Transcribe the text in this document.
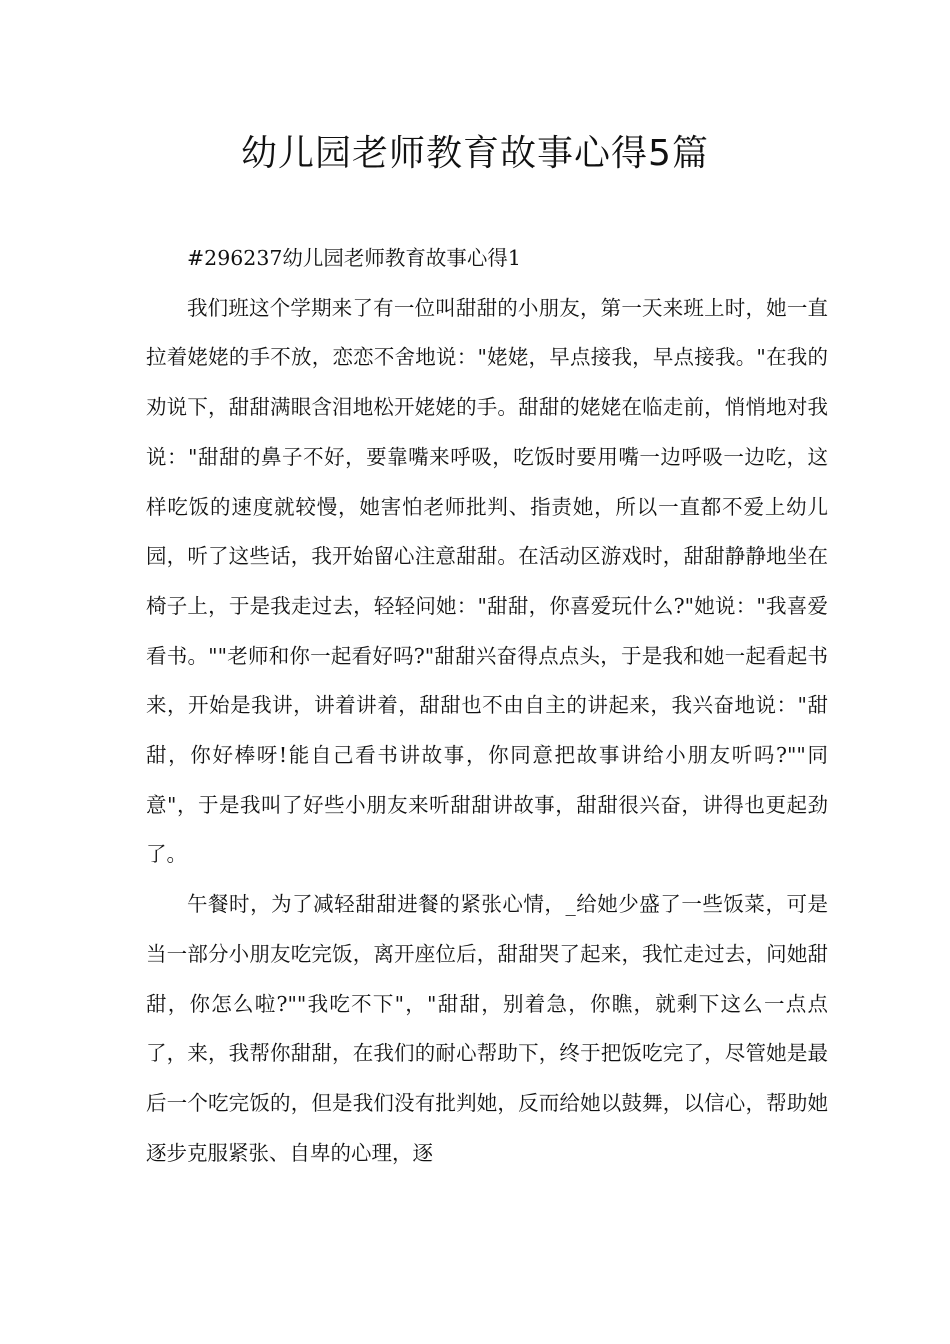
幼儿园老师教育故事心得5篇

#296237幼儿园老师教育故事心得1

我们班这个学期来了有一位叫甜甜的小朋友，第一天来班上时，她一直拉着姥姥的手不放，恋恋不舍地说："姥姥，早点接我，早点接我。"在我的劝说下，甜甜满眼含泪地松开姥姥的手。甜甜的姥姥在临走前，悄悄地对我说："甜甜的鼻子不好，要靠嘴来呼吸，吃饭时要用嘴一边呼吸一边吃，这样吃饭的速度就较慢，她害怕老师批判、指责她，所以一直都不爱上幼儿园，听了这些话，我开始留心注意甜甜。在活动区游戏时，甜甜静静地坐在椅子上，于是我走过去，轻轻问她："甜甜，你喜爱玩什么?"她说："我喜爱看书。""老师和你一起看好吗?"甜甜兴奋得点点头，于是我和她一起看起书来，开始是我讲，讲着讲着，甜甜也不由自主的讲起来，我兴奋地说："甜甜，你好棒呀!能自己看书讲故事，你同意把故事讲给小朋友听吗?""同意"，于是我叫了好些小朋友来听甜甜讲故事，甜甜很兴奋，讲得也更起劲了。

午餐时，为了减轻甜甜进餐的紧张心情，_给她少盛了一些饭菜，可是当一部分小朋友吃完饭，离开座位后，甜甜哭了起来，我忙走过去，问她甜甜，你怎么啦?""我吃不下"，"甜甜，别着急，你瞧，就剩下这么一点点了，来，我帮你甜甜，在我们的耐心帮助下，终于把饭吃完了，尽管她是最后一个吃完饭的，但是我们没有批判她，反而给她以鼓舞，以信心，帮助她逐步克服紧张、自卑的心理，逐
